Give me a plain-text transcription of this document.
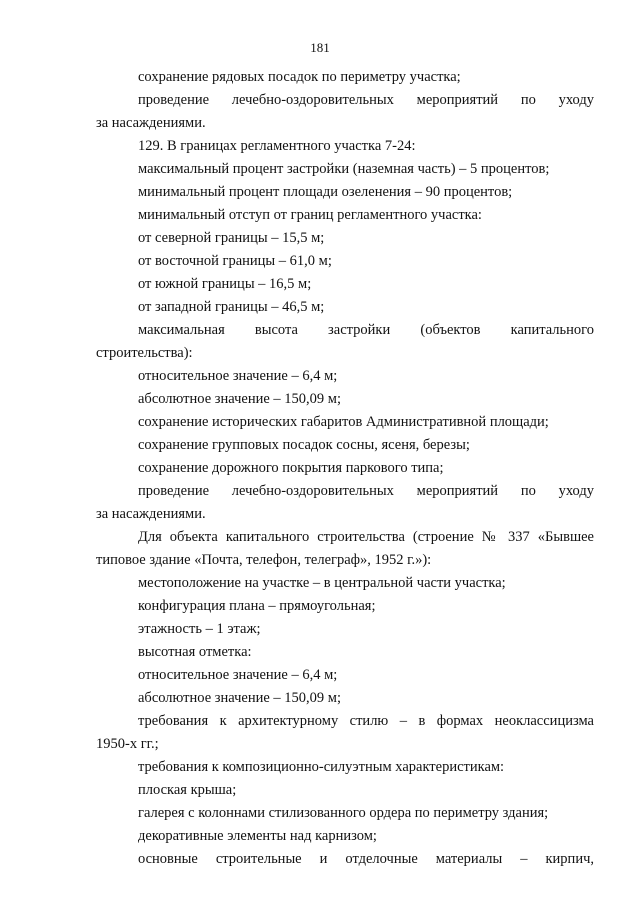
181

сохранение рядовых посадок по периметру участка;

проведение лечебно-оздоровительных мероприятий по уходу

за насаждениями.

129. В границах регламентного участка 7-24:

максимальный процент застройки (наземная часть) – 5 процентов;

минимальный процент площади озеленения – 90 процентов;

минимальный отступ от границ регламентного участка:

от северной границы – 15,5 м;

от восточной границы – 61,0 м;

от южной границы – 16,5 м;

от западной границы – 46,5 м;

максимальная высота застройки (объектов капитального

строительства):

относительное значение – 6,4 м;

абсолютное значение – 150,09 м;

сохранение исторических габаритов Административной площади;

сохранение групповых посадок сосны, ясеня, березы;

сохранение дорожного покрытия паркового типа;

проведение лечебно-оздоровительных мероприятий по уходу

за насаждениями.

Для объекта капитального строительства (строение № 337 «Бывшее

типовое здание «Почта, телефон, телеграф», 1952 г.»):

местоположение на участке – в центральной части участка;

конфигурация плана – прямоугольная;

этажность – 1 этаж;

высотная отметка:

относительное значение – 6,4 м;

абсолютное значение – 150,09 м;

требования к архитектурному стилю – в формах неоклассицизма

1950-х гг.;

требования к композиционно-силуэтным характеристикам:

плоская крыша;

галерея с колоннами стилизованного ордера по периметру здания;

декоративные элементы над карнизом;

основные строительные и отделочные материалы – кирпич,
